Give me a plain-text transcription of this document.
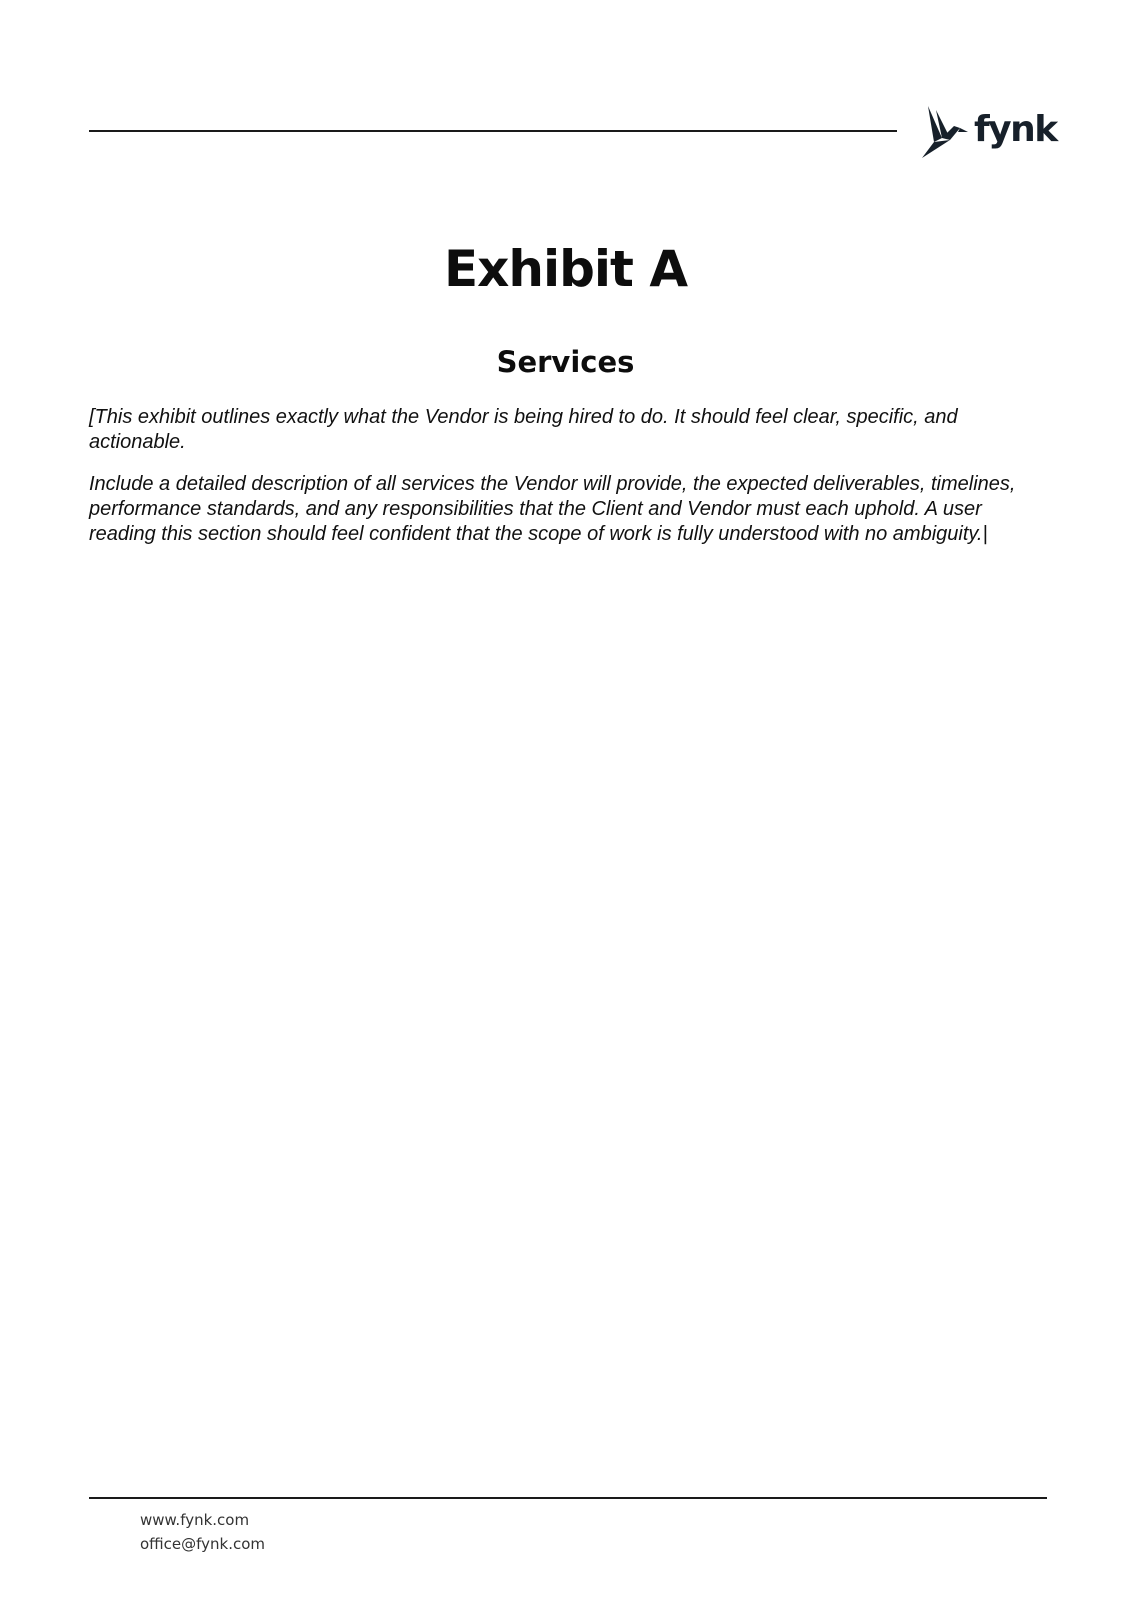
fynk
Exhibit A
Services

[This exhibit outlines exactly what the Vendor is being hired to do. It should feel clear, specific, and actionable.

Include a detailed description of all services the Vendor will provide, the expected deliverables, timelines, performance standards, and any responsibilities that the Client and Vendor must each uphold. A user reading this section should feel confident that the scope of work is fully understood with no ambiguity.|

www.fynk.com
office@fynk.com
